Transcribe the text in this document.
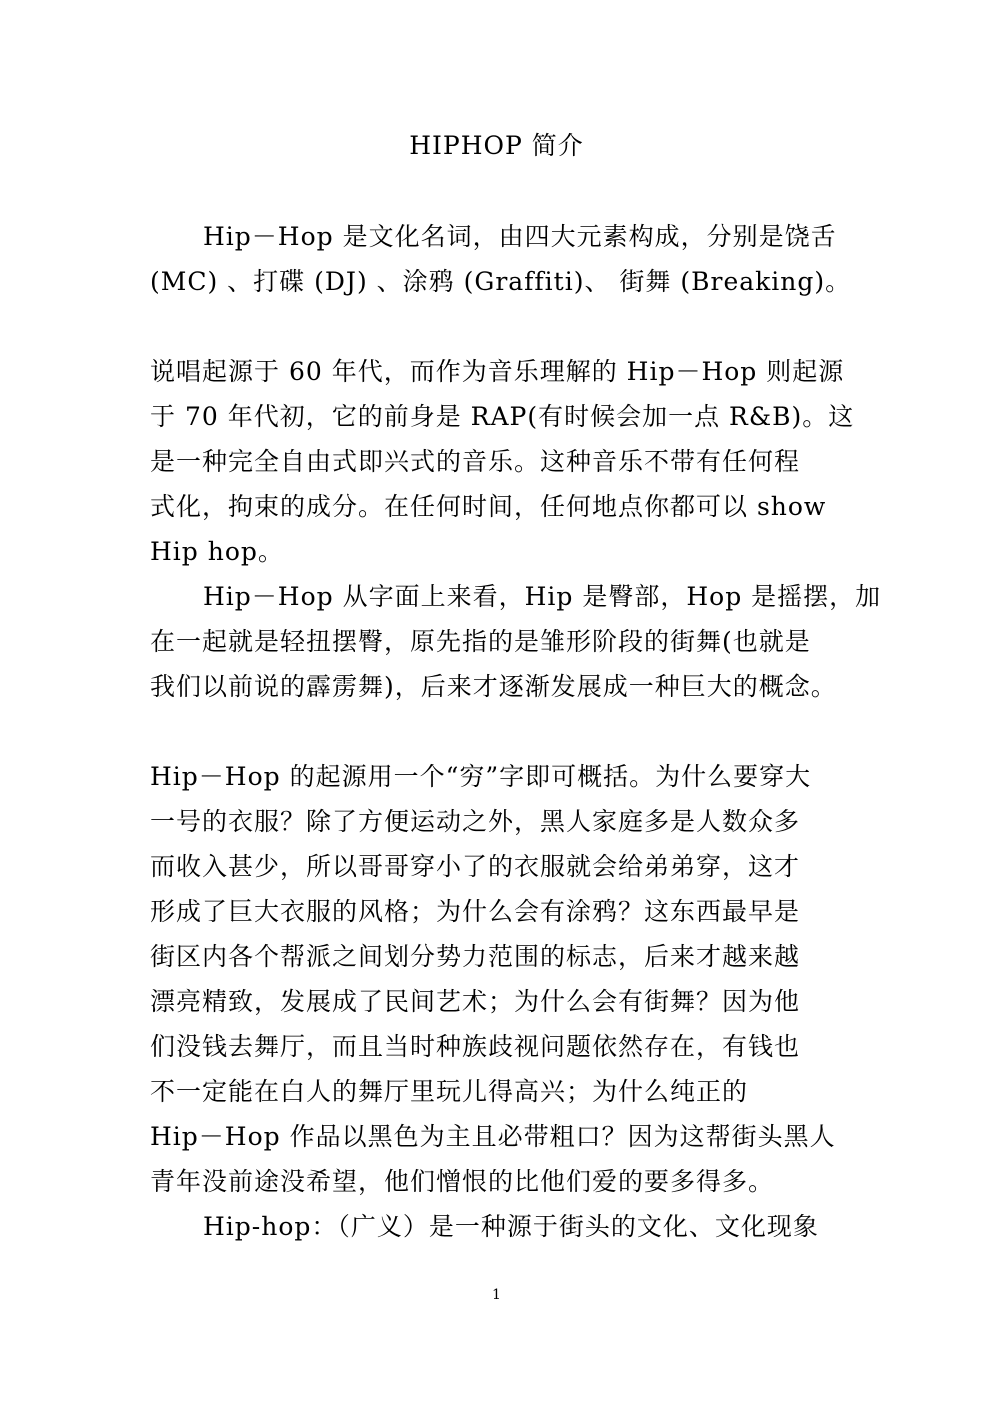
HIPHOP 简介
Hip－Hop 是文化名词，由四大元素构成，分别是饶舌
(MC) 、打碟 (DJ) 、涂鸦 (Graffiti)、 街舞 (Breaking)。
说唱起源于 60 年代，而作为音乐理解的 Hip－Hop 则起源
于 70 年代初，它的前身是 RAP(有时候会加一点 R&B)。这
是一种完全自由式即兴式的音乐。这种音乐不带有任何程
式化，拘束的成分。在任何时间，任何地点你都可以 show
Hip hop。
Hip－Hop 从字面上来看，Hip 是臀部，Hop 是摇摆，加
在一起就是轻扭摆臀，原先指的是雏形阶段的街舞(也就是
我们以前说的霹雳舞)，后来才逐渐发展成一种巨大的概念。
Hip－Hop 的起源用一个“穷”字即可概括。为什么要穿大
一号的衣服？除了方便运动之外，黑人家庭多是人数众多
而收入甚少，所以哥哥穿小了的衣服就会给弟弟穿，这才
形成了巨大衣服的风格；为什么会有涂鸦？这东西最早是
街区内各个帮派之间划分势力范围的标志，后来才越来越
漂亮精致，发展成了民间艺术；为什么会有街舞？因为他
们没钱去舞厅，而且当时种族歧视问题依然存在，有钱也
不一定能在白人的舞厅里玩儿得高兴；为什么纯正的
Hip－Hop 作品以黑色为主且必带粗口？因为这帮街头黑人
青年没前途没希望，他们憎恨的比他们爱的要多得多。
Hip-hop：（广义）是一种源于街头的文化、文化现象
1
